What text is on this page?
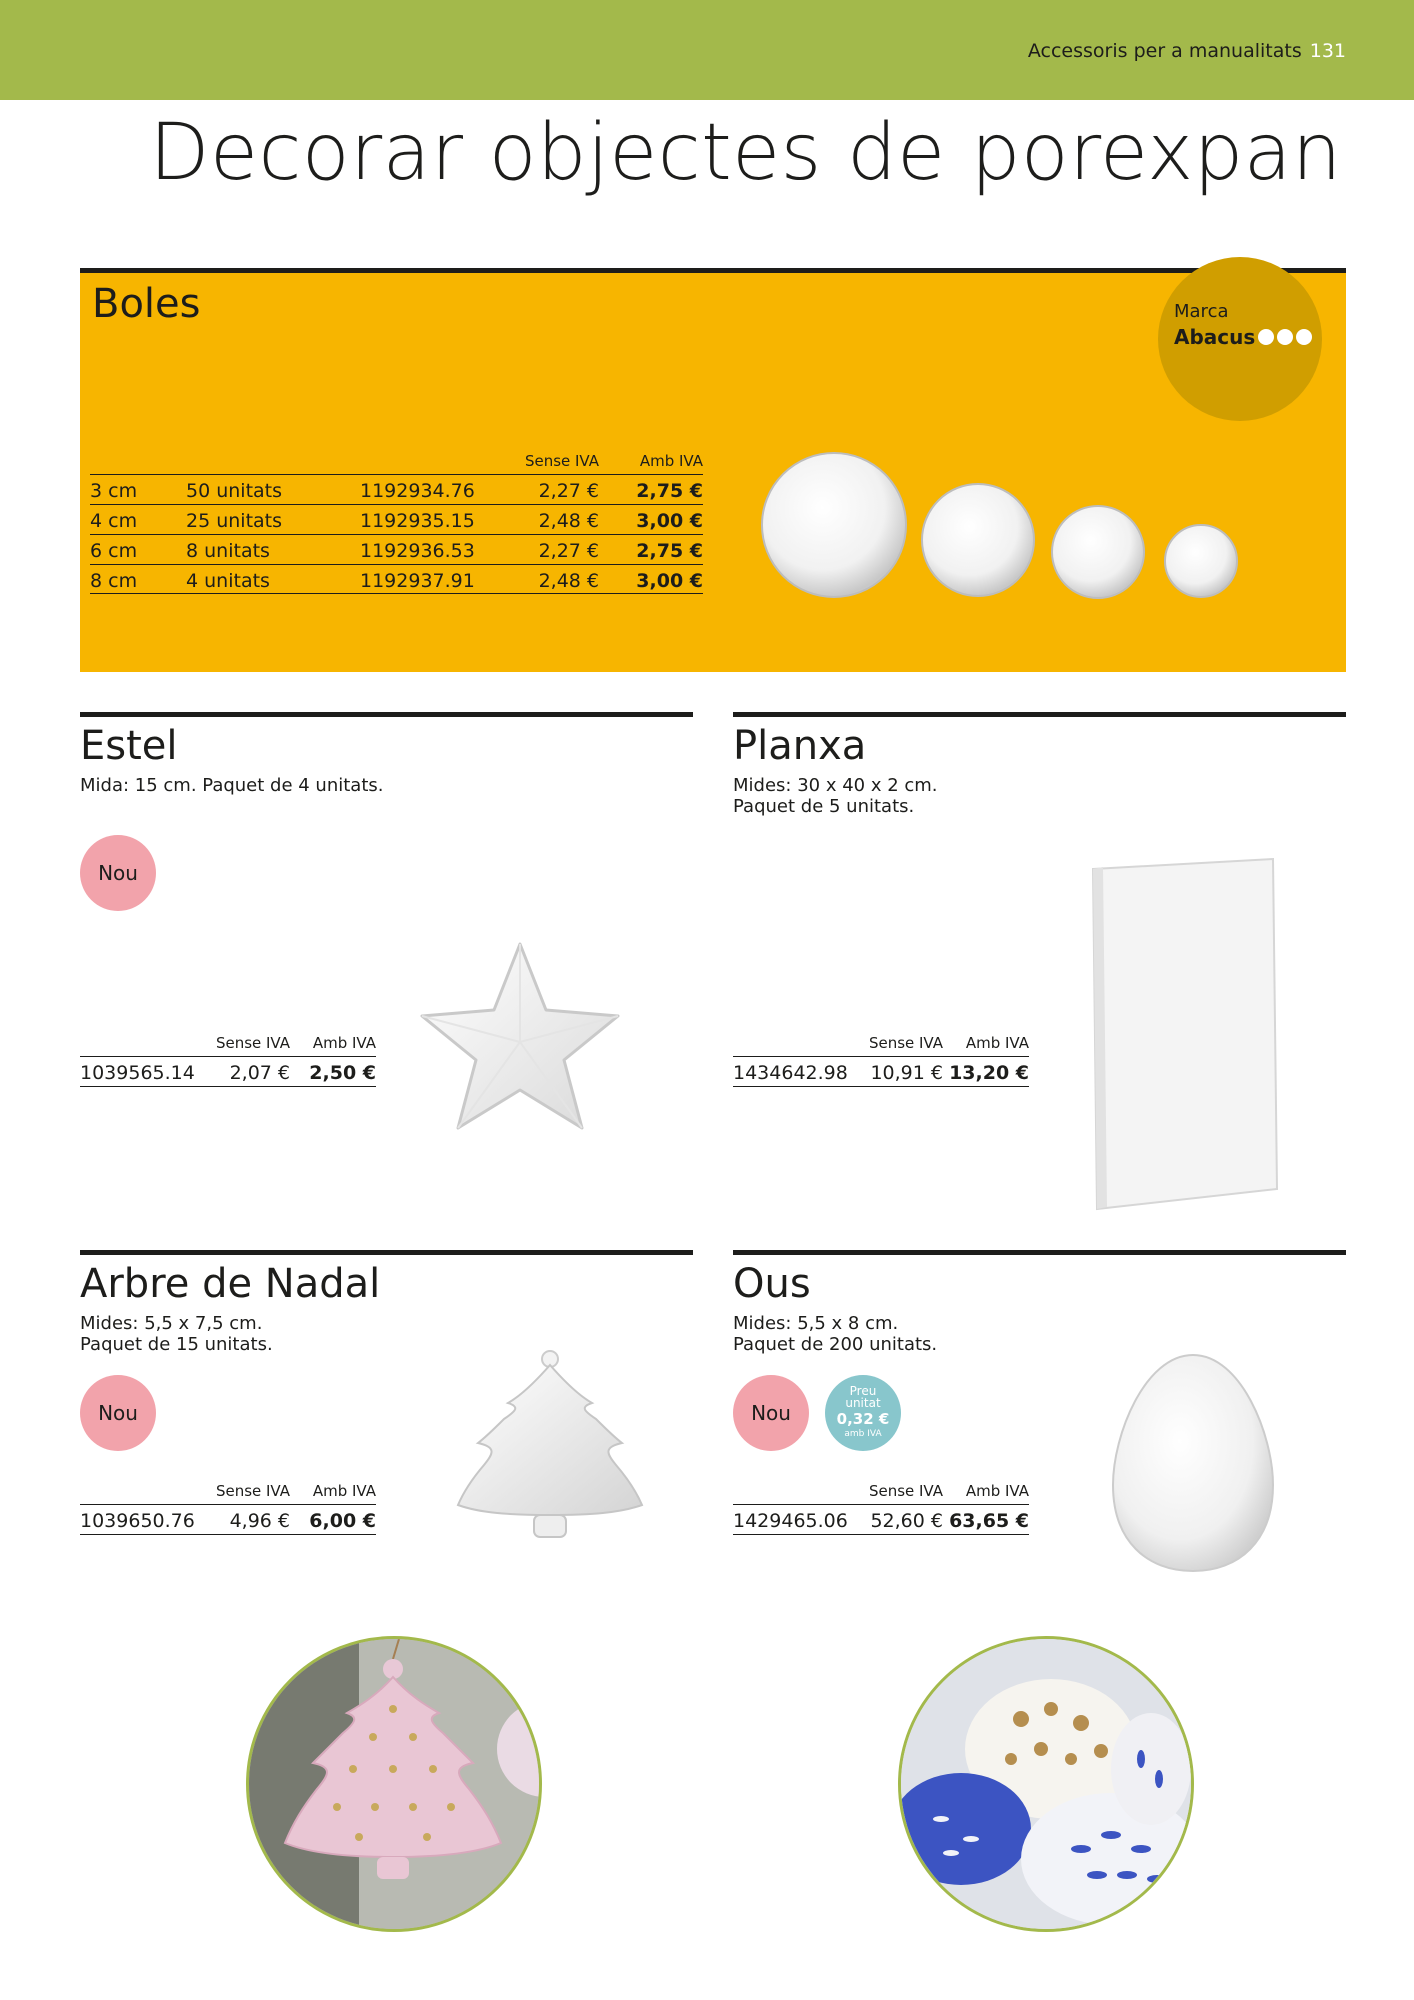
Accessoris per a manualitats 131
Decorar objectes de porexpan
Boles	Marca
Abacus
Sense IVA	Amb IVA
3 cm	50 unitats	1192934.76	2,27 € 2,75 €
4 cm	25 unitats	1192935.15	2,48 € 3,00 €
6 cm	8 unitats	1192936.53	2,27 € 2,75 €
8 cm	4 unitats	1192937.91	2,48 € 3,00 €
Estel
Mida: 15 cm. Paquet de 4 unitats.
Nou
Sense IVA Amb IVA
1039565.14 2,07 € 2,50 €
Planxa
Mides: 30 x 40 x 2 cm.
Paquet de 5 unitats.
Sense IVA Amb IVA
1434642.98 10,91 € 13,20 €
Arbre de Nadal
Mides: 5,5 x 7,5 cm.
Paquet de 15 unitats.
Nou
Sense IVA Amb IVA
1039650.76 4,96 € 6,00 €
Ous
Mides: 5,5 x 8 cm.
Paquet de 200 unitats.
Nou
Preu
unitat
0,32 €
amb IVA
Sense IVA Amb IVA
1429465.06 52,60 € 63,65 €
